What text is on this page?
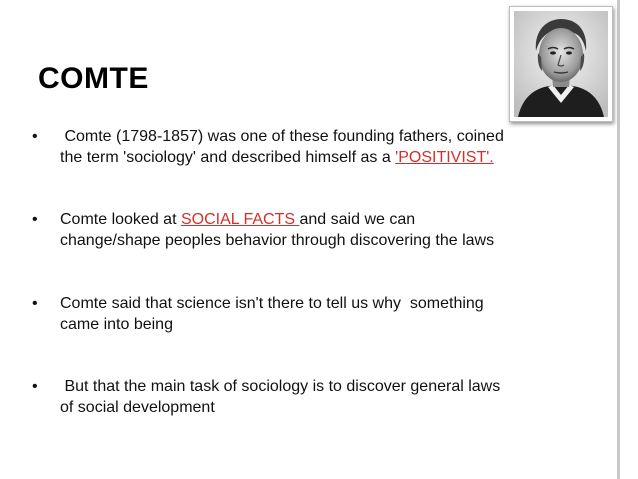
COMTE
• Comte (1798-1857) was one of these founding fathers, coined
the term 'sociology' and described himself as a 'POSITIVIST'.
• Comte looked at SOCIAL FACTS and said we can
change/shape peoples behavior through discovering the laws
• Comte said that science isn't there to tell us why  something
came into being
• But that the main task of sociology is to discover general laws
of social development
